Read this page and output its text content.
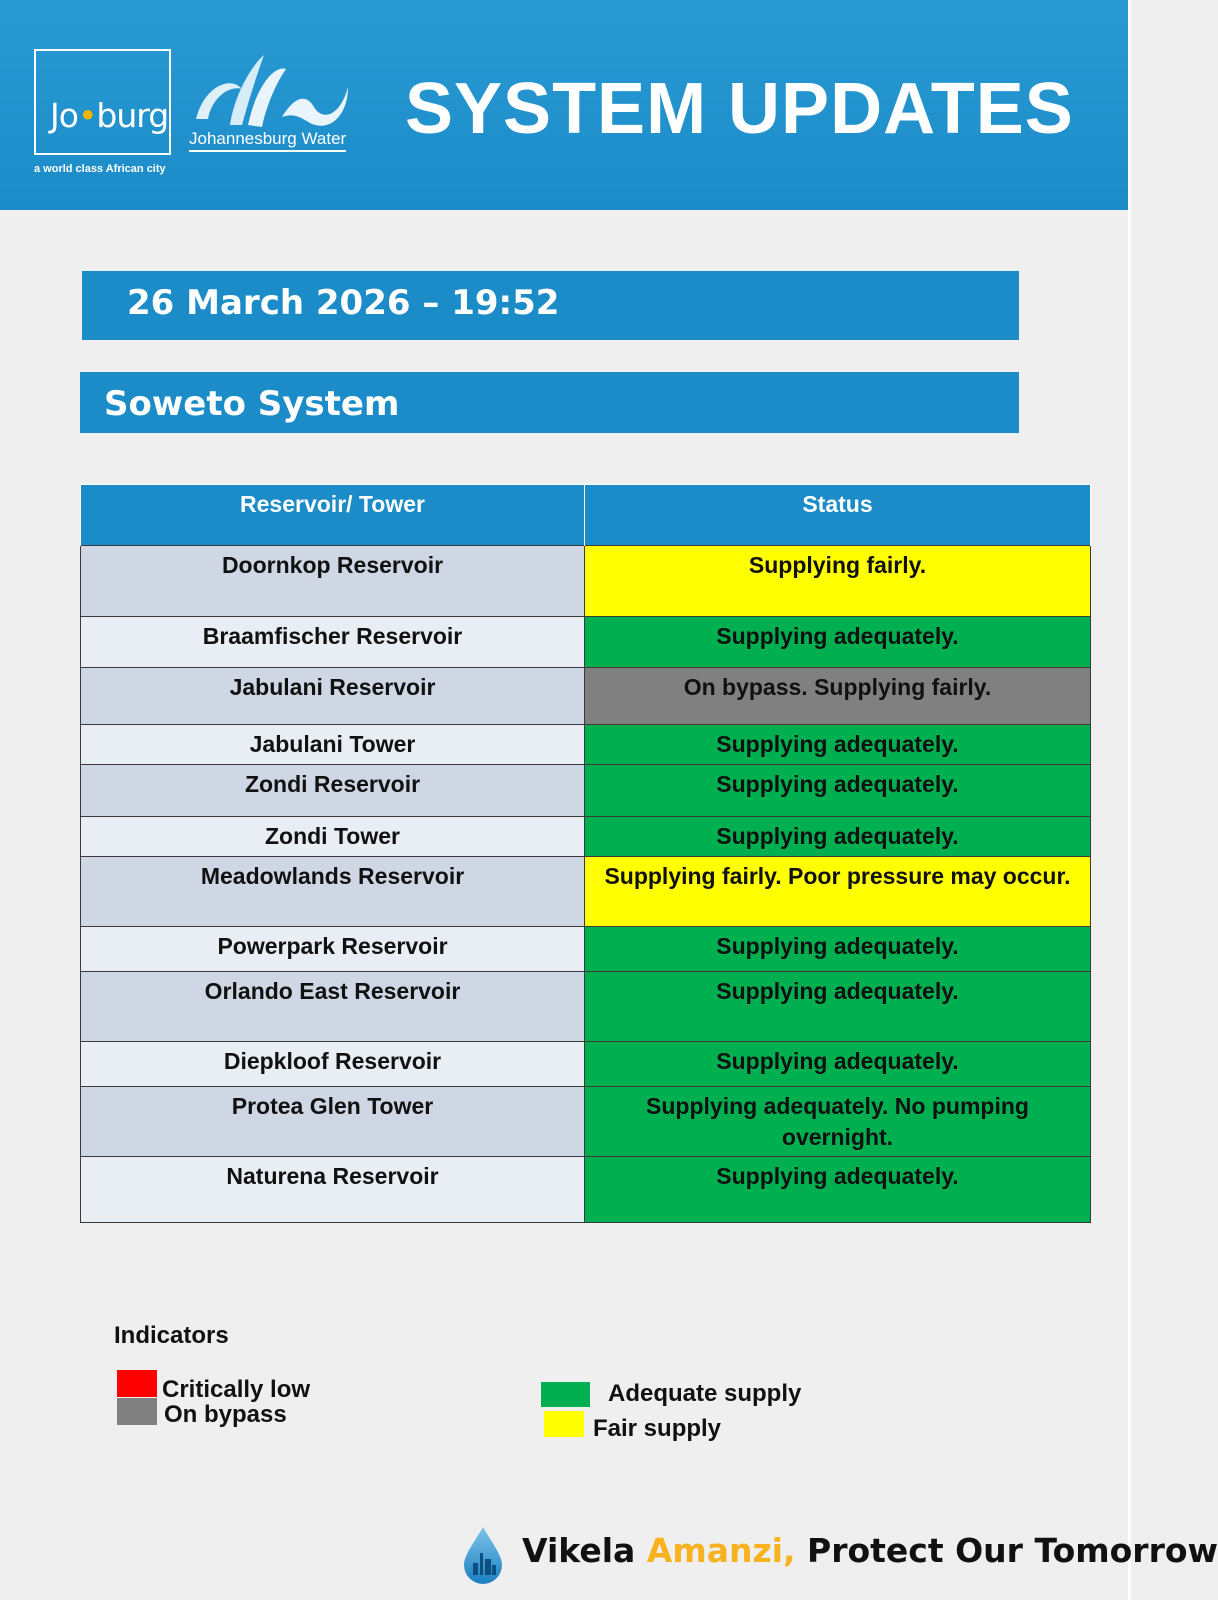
Jo•burg
a world class African city
Johannesburg Water SYSTEM UPDATES
26 March 2026 – 19:52
Soweto System
Reservoir/ Tower	Status
Doornkop Reservoir	Supplying fairly.
Braamfischer Reservoir	Supplying adequately.
Jabulani Reservoir	On bypass. Supplying fairly.
Jabulani Tower	Supplying adequately.
Zondi Reservoir	Supplying adequately.
Zondi Tower	Supplying adequately.
Meadowlands Reservoir	Supplying fairly. Poor pressure may occur.
Powerpark Reservoir	Supplying adequately.
Orlando East Reservoir	Supplying adequately.
Diepkloof Reservoir	Supplying adequately.
Protea Glen Tower	Supplying adequately. No pumping overnight.
Naturena Reservoir	Supplying adequately.
Indicators
Critically low
On bypass
Adequate supply
Fair supply
Vikela Amanzi, Protect Our Tomorrow
